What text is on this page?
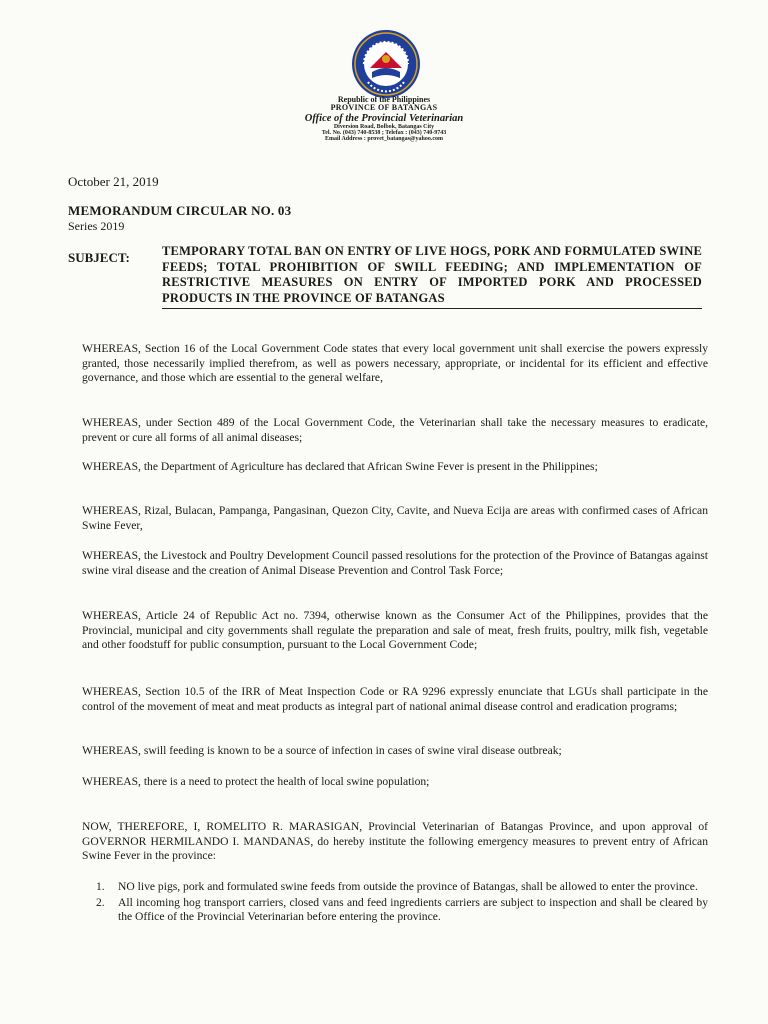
Republic of the Philippines
PROVINCE OF BATANGAS
Office of the Provincial Veterinarian
Diversion Road, Bolbok, Batangas City
Tel. No. (043) 740-8538 ; Telefax : (043) 740-9743
Email Address : provet_batangas@yahoo.com
October 21, 2019
MEMORANDUM CIRCULAR NO. 03
Series 2019
SUBJECT:	TEMPORARY TOTAL BAN ON ENTRY OF LIVE HOGS, PORK AND FORMULATED SWINE FEEDS; TOTAL PROHIBITION OF SWILL FEEDING; AND IMPLEMENTATION OF RESTRICTIVE MEASURES ON ENTRY OF IMPORTED PORK AND PROCESSED PRODUCTS IN THE PROVINCE OF BATANGAS
WHEREAS, Section 16 of the Local Government Code states that every local government unit shall exercise the powers expressly granted, those necessarily implied therefrom, as well as powers necessary, appropriate, or incidental for its efficient and effective governance, and those which are essential to the general welfare,
WHEREAS, under Section 489 of the Local Government Code, the Veterinarian shall take the necessary measures to eradicate, prevent or cure all forms of all animal diseases;
WHEREAS, the Department of Agriculture has declared that African Swine Fever is present in the Philippines;
WHEREAS, Rizal, Bulacan, Pampanga, Pangasinan, Quezon City, Cavite, and Nueva Ecija are areas with confirmed cases of African Swine Fever,
WHEREAS, the Livestock and Poultry Development Council passed resolutions for the protection of the Province of Batangas against swine viral disease and the creation of Animal Disease Prevention and Control Task Force;
WHEREAS, Article 24 of Republic Act no. 7394, otherwise known as the Consumer Act of the Philippines, provides that the Provincial, municipal and city governments shall regulate the preparation and sale of meat, fresh fruits, poultry, milk fish, vegetable and other foodstuff for public consumption, pursuant to the Local Government Code;
WHEREAS, Section 10.5 of the IRR of Meat Inspection Code or RA 9296 expressly enunciate that LGUs shall participate in the control of the movement of meat and meat products as integral part of national animal disease control and eradication programs;
WHEREAS, swill feeding is known to be a source of infection in cases of swine viral disease outbreak;
WHEREAS, there is a need to protect the health of local swine population;
NOW, THEREFORE, I, ROMELITO R. MARASIGAN, Provincial Veterinarian of Batangas Province, and upon approval of GOVERNOR HERMILANDO I. MANDANAS, do hereby institute the following emergency measures to prevent entry of African Swine Fever in the province:
1. NO live pigs, pork and formulated swine feeds from outside the province of Batangas, shall be allowed to enter the province.
2. All incoming hog transport carriers, closed vans and feed ingredients carriers are subject to inspection and shall be cleared by the Office of the Provincial Veterinarian before entering the province.
